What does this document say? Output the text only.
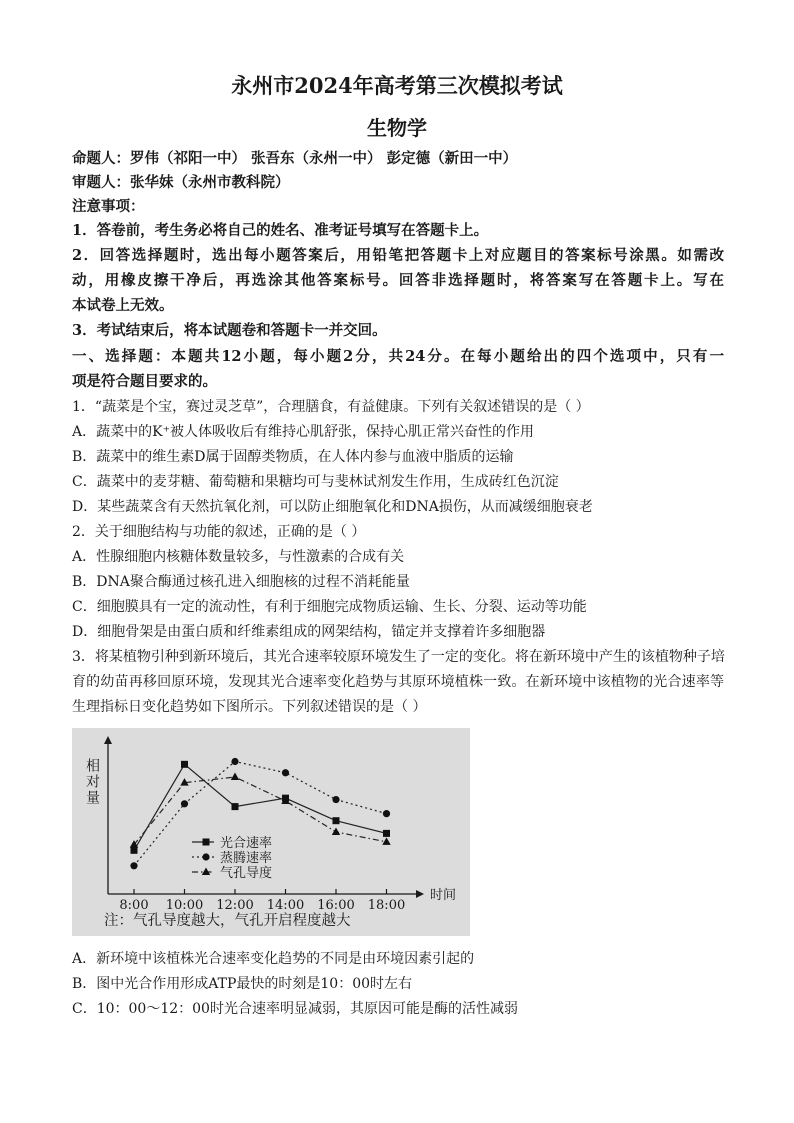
永州市2024年高考第三次模拟考试
生物学
命题人：罗伟（祁阳一中） 张吾东（永州一中） 彭定德（新田一中）
审题人：张华妹（永州市教科院）
注意事项：
1．答卷前，考生务必将自己的姓名、准考证号填写在答题卡上。
2．回答选择题时，选出每小题答案后，用铅笔把答题卡上对应题目的答案标号涂黑。如需改
动，用橡皮擦干净后，再选涂其他答案标号。回答非选择题时，将答案写在答题卡上。写在
本试卷上无效。
3．考试结束后，将本试题卷和答题卡一并交回。
一、选择题：本题共12小题，每小题2分，共24分。在每小题给出的四个选项中，只有一
项是符合题目要求的。
1．“蔬菜是个宝，赛过灵芝草”，合理膳食，有益健康。下列有关叙述错误的是（ ）
A．蔬菜中的K⁺被人体吸收后有维持心肌舒张，保持心肌正常兴奋性的作用
B．蔬菜中的维生素D属于固醇类物质，在人体内参与血液中脂质的运输
C．蔬菜中的麦芽糖、葡萄糖和果糖均可与斐林试剂发生作用，生成砖红色沉淀
D．某些蔬菜含有天然抗氧化剂，可以防止细胞氧化和DNA损伤，从而减缓细胞衰老
2．关于细胞结构与功能的叙述，正确的是（ ）
A．性腺细胞内核糖体数量较多，与性激素的合成有关
B．DNA聚合酶通过核孔进入细胞核的过程不消耗能量
C．细胞膜具有一定的流动性，有利于细胞完成物质运输、生长、分裂、运动等功能
D．细胞骨架是由蛋白质和纤维素组成的网架结构，锚定并支撑着许多细胞器
3．将某植物引种到新环境后，其光合速率较原环境发生了一定的变化。将在新环境中产生的该植物种子培
育的幼苗再移回原环境，发现其光合速率变化趋势与其原环境植株一致。在新环境中该植物的光合速率等
生理指标日变化趋势如下图所示。下列叙述错误的是（ ）
相对量
时间
8:00 10:00 12:00 14:00 16:00 18:00
光合速率
蒸腾速率
气孔导度
注：气孔导度越大，气孔开启程度越大
A．新环境中该植株光合速率变化趋势的不同是由环境因素引起的
B．图中光合作用形成ATP最快的时刻是10：00时左右
C．10：00～12：00时光合速率明显减弱，其原因可能是酶的活性减弱
